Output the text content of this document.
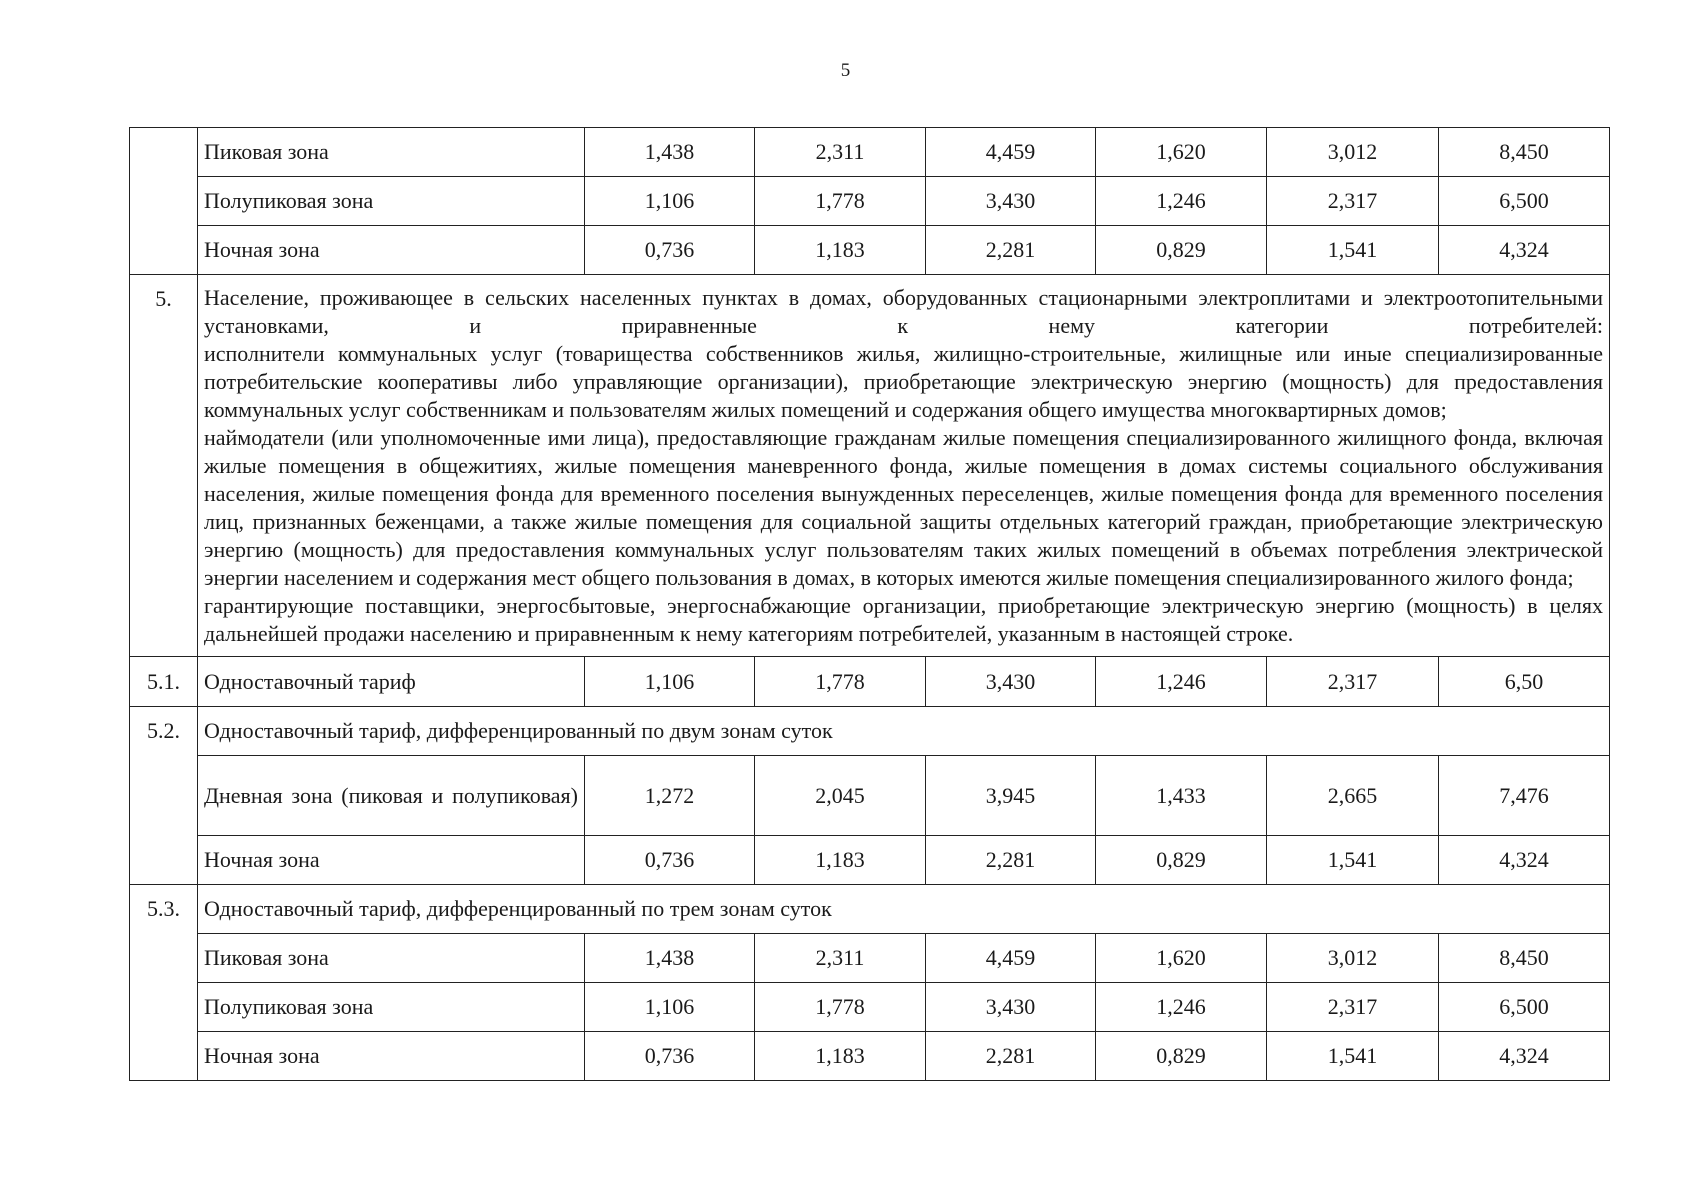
5
	Пиковая зона	1,438	2,311	4,459	1,620	3,012	8,450
	Полупиковая зона	1,106	1,778	3,430	1,246	2,317	6,500
	Ночная зона	0,736	1,183	2,281	0,829	1,541	4,324
5.	Население, проживающее в сельских населенных пунктах в домах, оборудованных стационарными электроплитами и электроотопительными установками, и приравненные к нему категории потребителей:

исполнители коммунальных услуг (товарищества собственников жилья, жилищно-строительные, жилищные или иные специализированные потребительские кооперативы либо управляющие организации), приобретающие электрическую энергию (мощность) для предоставления коммунальных услуг собственникам и пользователям жилых помещений и содержания общего имущества многоквартирных домов;

наймодатели (или уполномоченные ими лица), предоставляющие гражданам жилые помещения специализированного жилищного фонда, включая жилые помещения в общежитиях, жилые помещения маневренного фонда, жилые помещения в домах системы социального обслуживания населения, жилые помещения фонда для временного поселения вынужденных переселенцев, жилые помещения фонда для временного поселения лиц, признанных беженцами, а также жилые помещения для социальной защиты отдельных категорий граждан, приобретающие электрическую энергию (мощность) для предоставления коммунальных услуг пользователям таких жилых помещений в объемах потребления электрической энергии населением и содержания мест общего пользования в домах, в которых имеются жилые помещения специализированного жилого фонда;

гарантирующие поставщики, энергосбытовые, энергоснабжающие организации, приобретающие электрическую энергию (мощность) в целях дальнейшей продажи населению и приравненным к нему категориям потребителей, указанным в настоящей строке.						

5.1.	Одноставочный тариф	1,106	1,778	3,430	1,246	2,317	6,50
5.2.	Одноставочный тариф, дифференцированный по двум зонам суток						
	Дневная зона (пиковая и полупиковая)	1,272	2,045	3,945	1,433	2,665	7,476
	Ночная зона	0,736	1,183	2,281	0,829	1,541	4,324
5.3.	Одноставочный тариф, дифференцированный по трем зонам суток						
	Пиковая зона	1,438	2,311	4,459	1,620	3,012	8,450
	Полупиковая зона	1,106	1,778	3,430	1,246	2,317	6,500
	Ночная зона	0,736	1,183	2,281	0,829	1,541	4,324
